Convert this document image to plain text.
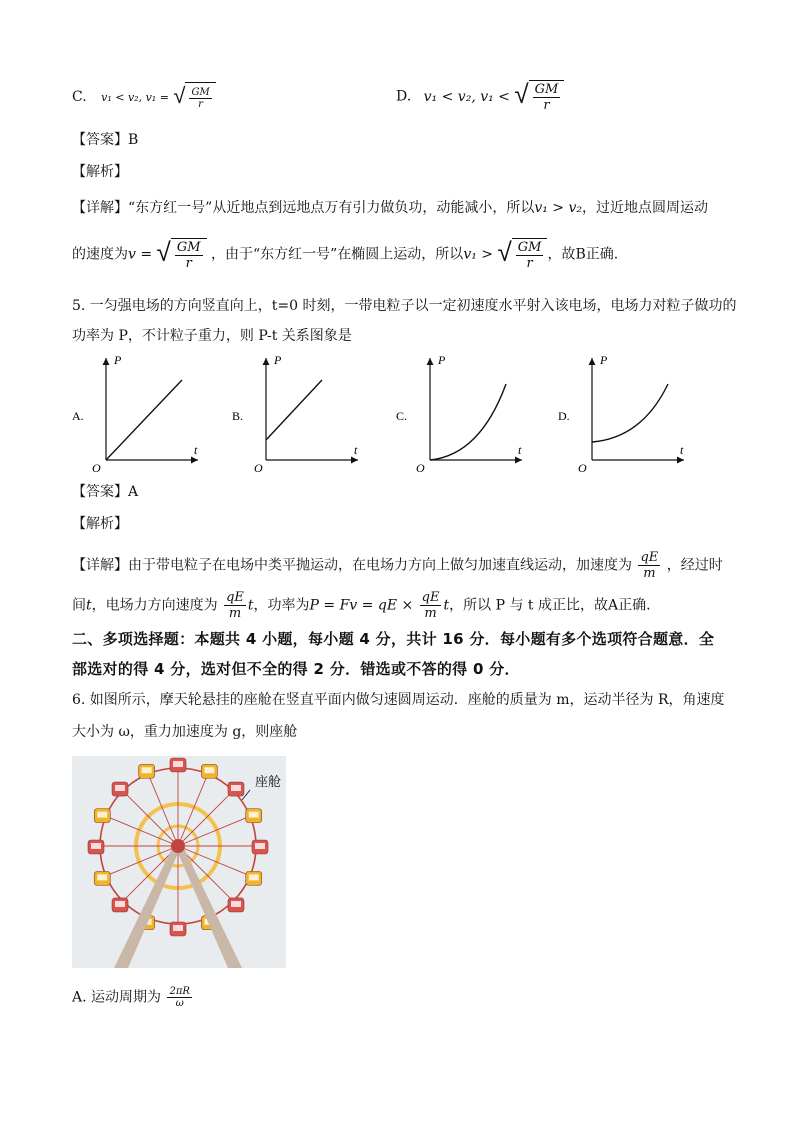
C. v₁ < v₂, v₁ = √ $\frac{GM}{r}$	D. v₁ < v₂, v₁ < √ $\frac{GM}{r}$
【答案】B
【解析】
【详解】“东方红一号”从近地点到远地点万有引力做负功，动能减小，所以v₁ > v₂，过近地点圆周运动
的速度为v = √ $\frac{GM}{r}$ ，由于“东方红一号”在椭圆上运动，所以v₁ > √ $\frac{GM}{r}$ ，故B正确.
5. 一匀强电场的方向竖直向上，t=0 时刻，一带电粒子以一定初速度水平射入该电场，电场力对粒子做功的
功率为 P，不计粒子重力，则 P-t 关系图象是
A.
P
t
O
B.
P
t
O
C.
P
t
O
D.
P
t
O
【答案】A
【解析】
【详解】由于带电粒子在电场中类平抛运动，在电场力方向上做匀加速直线运动，加速度为 $\frac{qE}{m}$ ，经过时
间t，电场力方向速度为 $\frac{qE}{m}$ t，功率为P = Fv = qE × $\frac{qE}{m}$ t，所以 P 与 t 成正比，故A正确.
二、多项选择题：本题共 4 小题，每小题 4 分，共计 16 分．每小题有多个选项符合题意．全
部选对的得 4 分，选对但不全的得 2 分．错选或不答的得 0 分．
6. 如图所示，摩天轮悬挂的座舱在竖直平面内做匀速圆周运动．座舱的质量为 m，运动半径为 R，角速度
大小为 ω，重力加速度为 g，则座舱
座舱
A. 运动周期为 $\frac{2\pi R}{\omega}$
